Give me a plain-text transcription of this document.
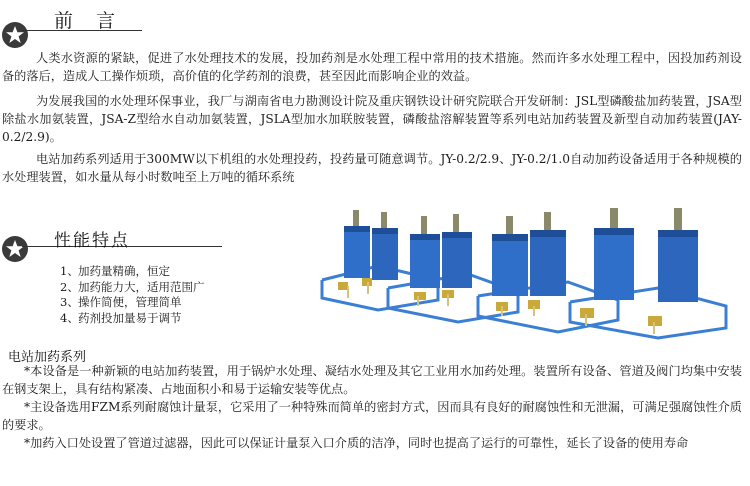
前　言

人类水资源的紧缺，促进了水处理技术的发展，投加药剂是水处理工程中常用的技术措施。然而许多水处理工程中，因投加药剂设备的落后，造成人工操作烦琐，高价值的化学药剂的浪费，甚至因此而影响企业的效益。

为发展我国的水处理环保事业，我厂与湖南省电力勘测设计院及重庆钢铁设计研究院联合开发研制：JSL型磷酸盐加药装置，JSA型除盐水加氨装置，JSA-Z型给水自动加氨装置，JSLA型加水加联胺装置，磷酸盐溶解装置等系列电站加药装置及新型自动加药装置(JAY-0.2/2.9)。

电站加药系列适用于300MW以下机组的水处理投药，投药量可随意调节。JY-0.2/2.9、JY-0.2/1.0自动加药设备适用于各种规模的水处理装置，如水量从每小时数吨至上万吨的循环系统

性能特点
1、加药量精确，恒定
2、加药能力大，适用范围广
3、操作简便，管理简单
4、药剂投加量易于调节
电站加药系列

*本设备是一种新颖的电站加药装置，用于锅炉水处理、凝结水处理及其它工业用水加药处理。装置所有设备、管道及阀门均集中安装在钢支架上，具有结构紧凑、占地面积小和易于运输安装等优点。

*主设备选用FZM系列耐腐蚀计量泵，它采用了一种特殊而简单的密封方式，因而具有良好的耐腐蚀性和无泄漏，可满足强腐蚀性介质的要求。

*加药入口处设置了管道过滤器，因此可以保证计量泵入口介质的洁净，同时也提高了运行的可靠性，延长了设备的使用寿命
